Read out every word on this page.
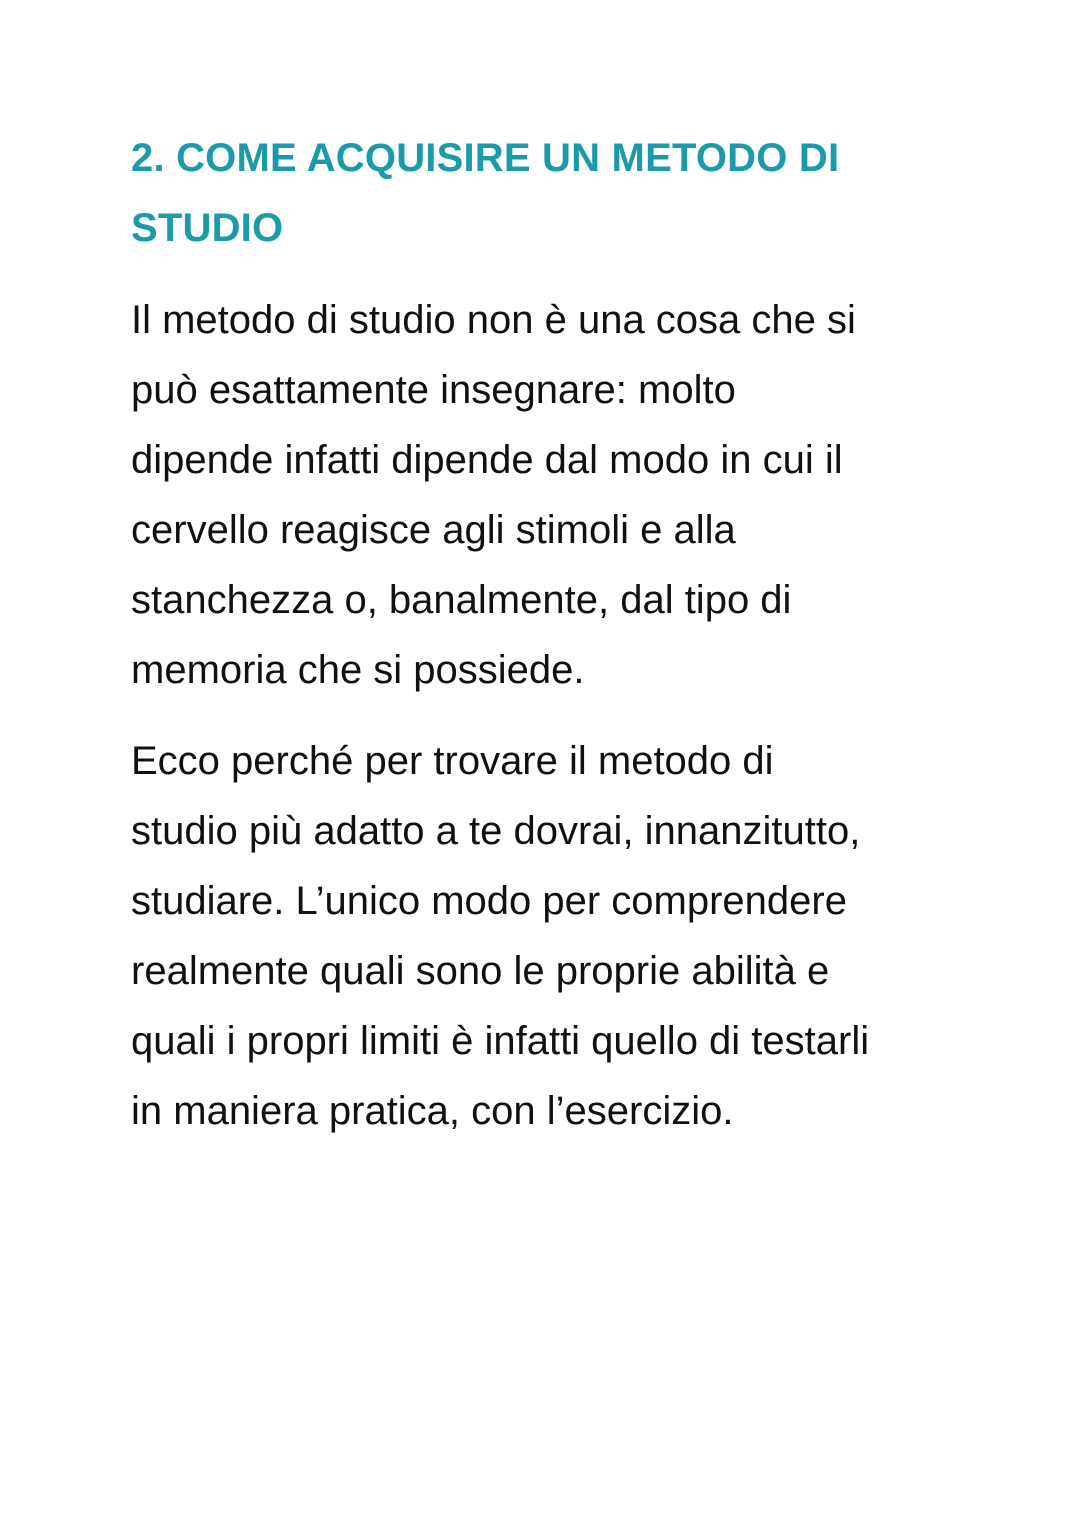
2. COME ACQUISIRE UN METODO DI
STUDIO

Il metodo di studio non è una cosa che si

può esattamente insegnare: molto

dipende infatti dipende dal modo in cui il

cervello reagisce agli stimoli e alla

stanchezza o, banalmente, dal tipo di

memoria che si possiede.

Ecco perché per trovare il metodo di

studio più adatto a te dovrai, innanzitutto,

studiare. L’unico modo per comprendere

realmente quali sono le proprie abilità e

quali i propri limiti è infatti quello di testarli

in maniera pratica, con l’esercizio.
